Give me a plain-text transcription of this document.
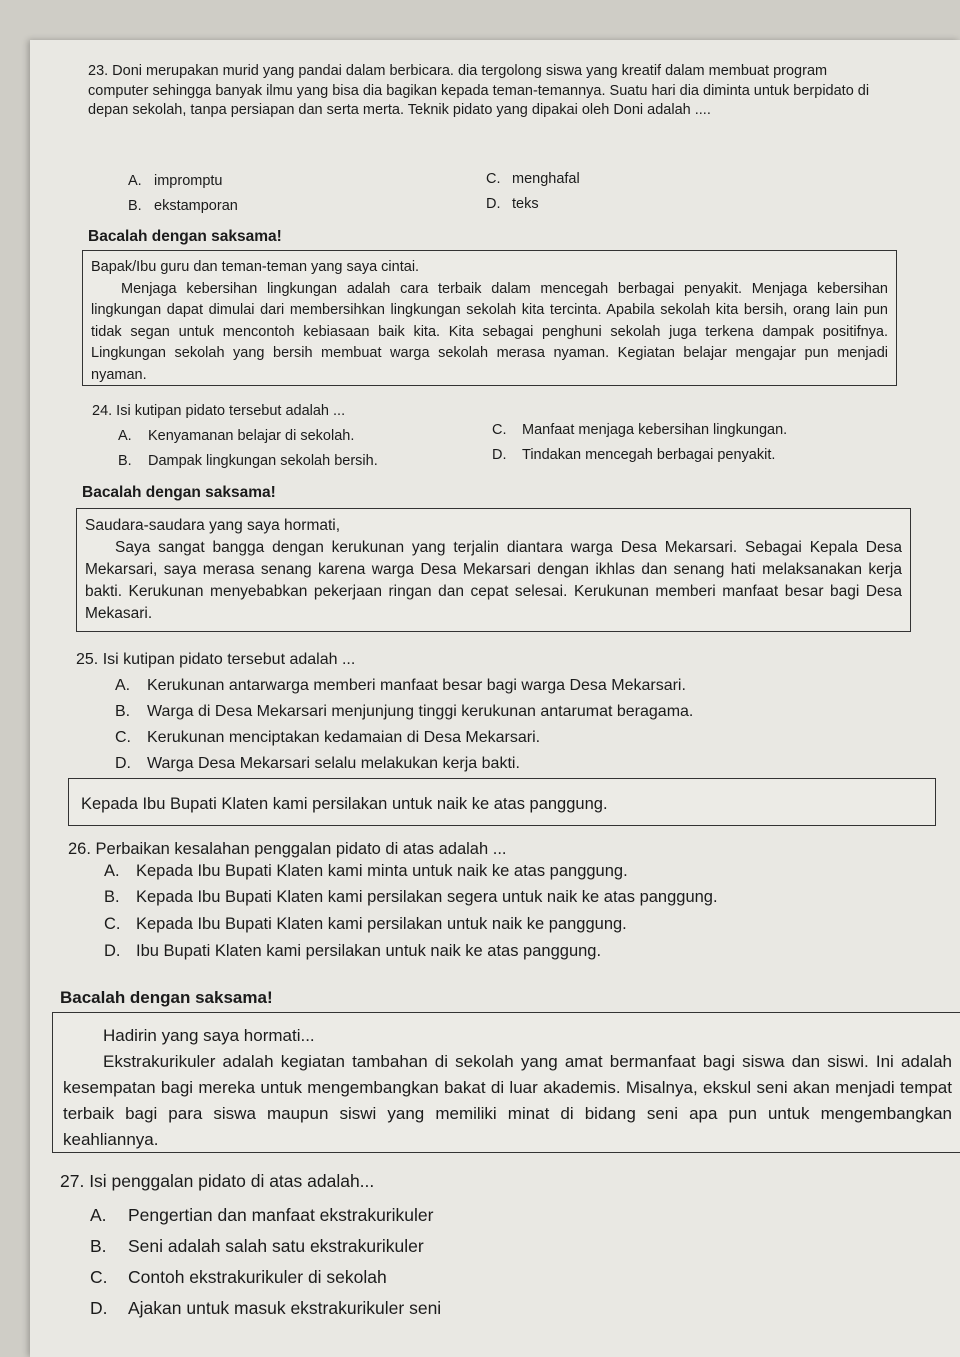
23. Doni merupakan murid yang pandai dalam berbicara. dia tergolong siswa yang kreatif dalam membuat program computer sehingga banyak ilmu yang bisa dia bagikan kepada teman-temannya. Suatu hari dia diminta untuk berpidato di depan sekolah, tanpa persiapan dan serta merta. Teknik pidato yang dipakai oleh Doni adalah ....
A. impromptu
B. ekstamporan
C. menghafal
D. teks
Bacalah dengan saksama!

Bapak/Ibu guru dan teman-teman yang saya cintai.

Menjaga kebersihan lingkungan adalah cara terbaik dalam mencegah berbagai penyakit. Menjaga kebersihan lingkungan dapat dimulai dari membersihkan lingkungan sekolah kita tercinta. Apabila sekolah kita bersih, orang lain pun tidak segan untuk mencontoh kebiasaan baik kita. Kita sebagai penghuni sekolah juga terkena dampak positifnya. Lingkungan sekolah yang bersih membuat warga sekolah merasa nyaman. Kegiatan belajar mengajar pun menjadi nyaman.

24. Isi kutipan pidato tersebut adalah ...
A. Kenyamanan belajar di sekolah.
B. Dampak lingkungan sekolah bersih.
C. Manfaat menjaga kebersihan lingkungan.
D. Tindakan mencegah berbagai penyakit.
Bacalah dengan saksama!

Saudara-saudara yang saya hormati,

Saya sangat bangga dengan kerukunan yang terjalin diantara warga Desa Mekarsari. Sebagai Kepala Desa Mekarsari, saya merasa senang karena warga Desa Mekarsari dengan ikhlas dan senang hati melaksanakan kerja bakti. Kerukunan menyebabkan pekerjaan ringan dan cepat selesai. Kerukunan memberi manfaat besar bagi Desa Mekasari.

25. Isi kutipan pidato tersebut adalah ...
A. Kerukunan antarwarga memberi manfaat besar bagi warga Desa Mekarsari.
B. Warga di Desa Mekarsari menjunjung tinggi kerukunan antarumat beragama.
C. Kerukunan menciptakan kedamaian di Desa Mekarsari.
D. Warga Desa Mekarsari selalu melakukan kerja bakti.

Kepada Ibu Bupati Klaten kami persilakan untuk naik ke atas panggung.

26. Perbaikan kesalahan penggalan pidato di atas adalah ...
A. Kepada Ibu Bupati Klaten kami minta untuk naik ke atas panggung.
B. Kepada Ibu Bupati Klaten kami persilakan segera untuk naik ke atas panggung.
C. Kepada Ibu Bupati Klaten kami persilakan untuk naik ke panggung.
D. Ibu Bupati Klaten kami persilakan untuk naik ke atas panggung.
Bacalah dengan saksama!

Hadirin yang saya hormati...

Ekstrakurikuler adalah kegiatan tambahan di sekolah yang amat bermanfaat bagi siswa dan siswi. Ini adalah kesempatan bagi mereka untuk mengembangkan bakat di luar akademis. Misalnya, ekskul seni akan menjadi tempat terbaik bagi para siswa maupun siswi yang memiliki minat di bidang seni apa pun untuk mengembangkan keahliannya.

27. Isi penggalan pidato di atas adalah...
A. Pengertian dan manfaat ekstrakurikuler
B. Seni adalah salah satu ekstrakurikuler
C. Contoh ekstrakurikuler di sekolah
D. Ajakan untuk masuk ekstrakurikuler seni
